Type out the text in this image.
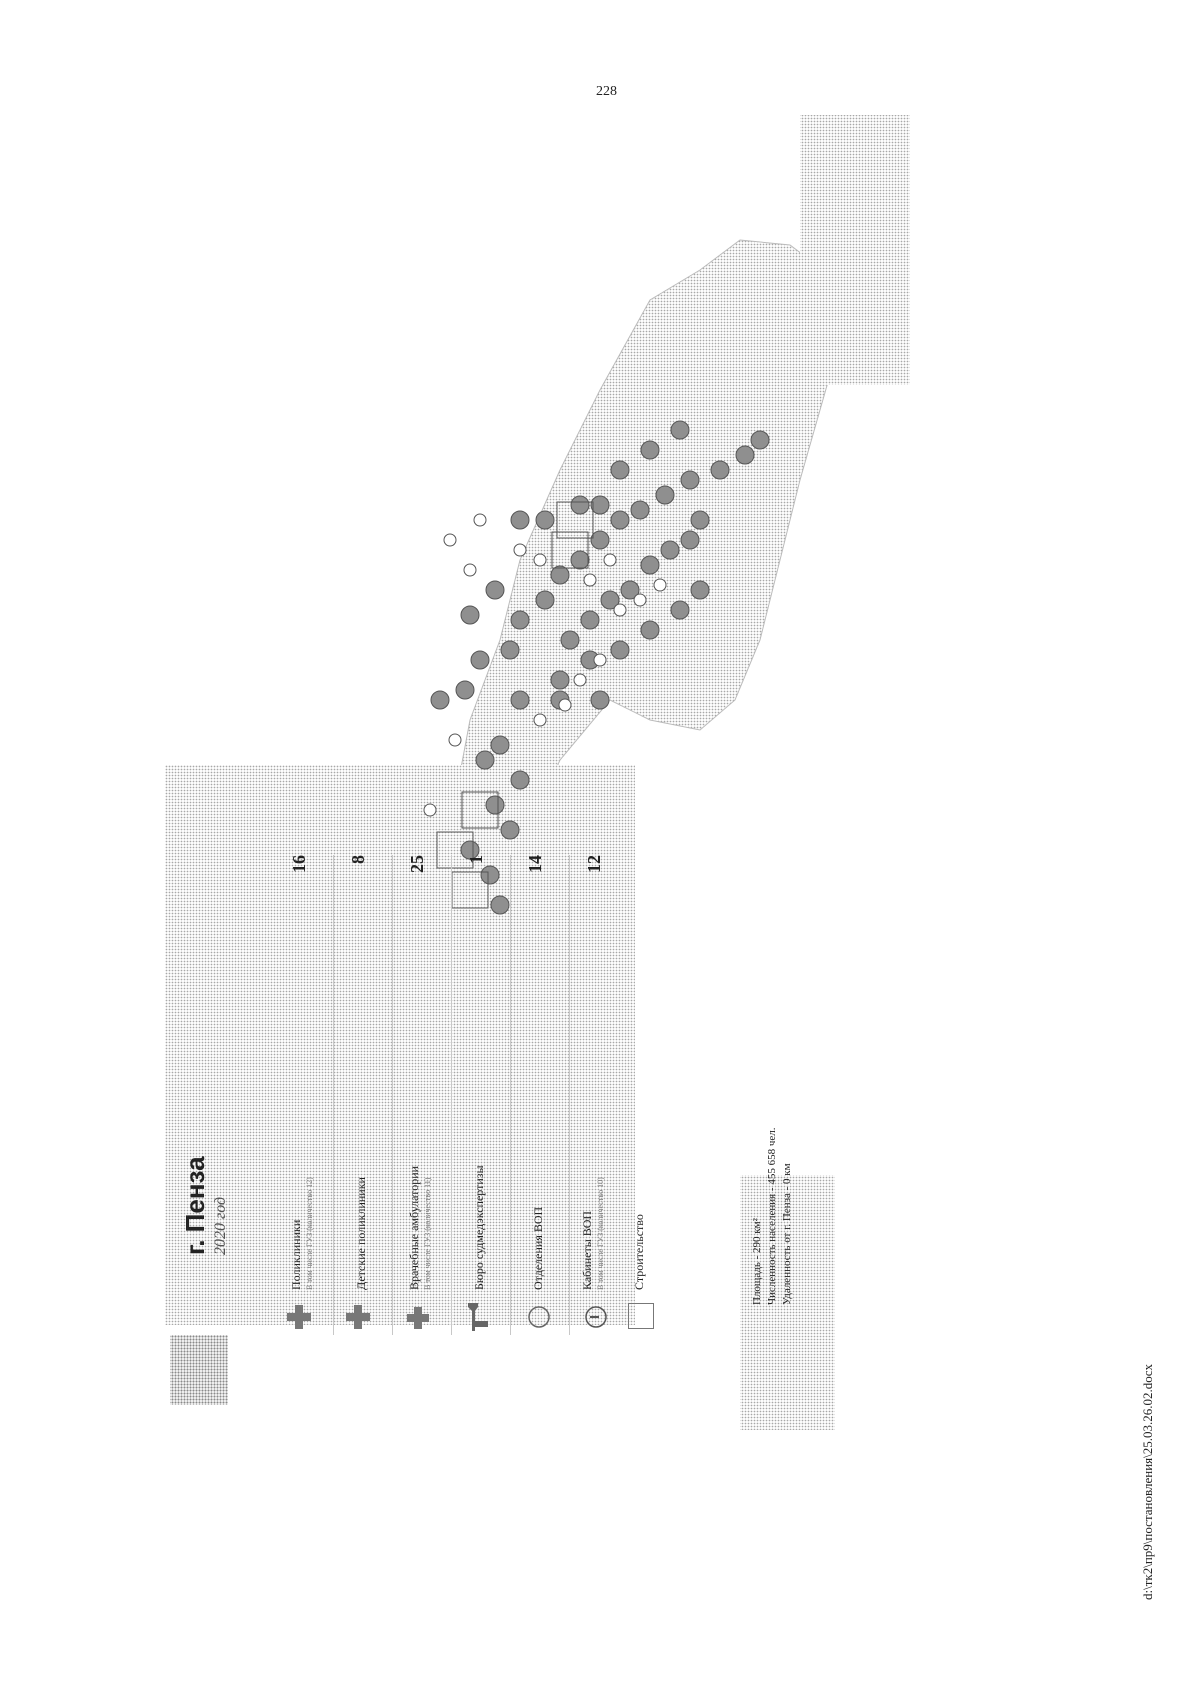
228
г. Пенза 2020 год	Поликлиники В том числе ГУЗ (количество 12)
16
Детские поликлиники
8
Врачебные амбулатории В том числе ГУЗ (количество 11)
25
Бюро судмедэкспертизы
1
Отделения ВОП
14
Кабинеты ВОП В том числе ГУЗ (количество 10)
12
Строительство	Площадь - 290 км² Численность населения - 455 658 чел. Удаленность от г. Пенза - 0 км
d:\тк2\пр9\постановления\25.03.26.02.docx
